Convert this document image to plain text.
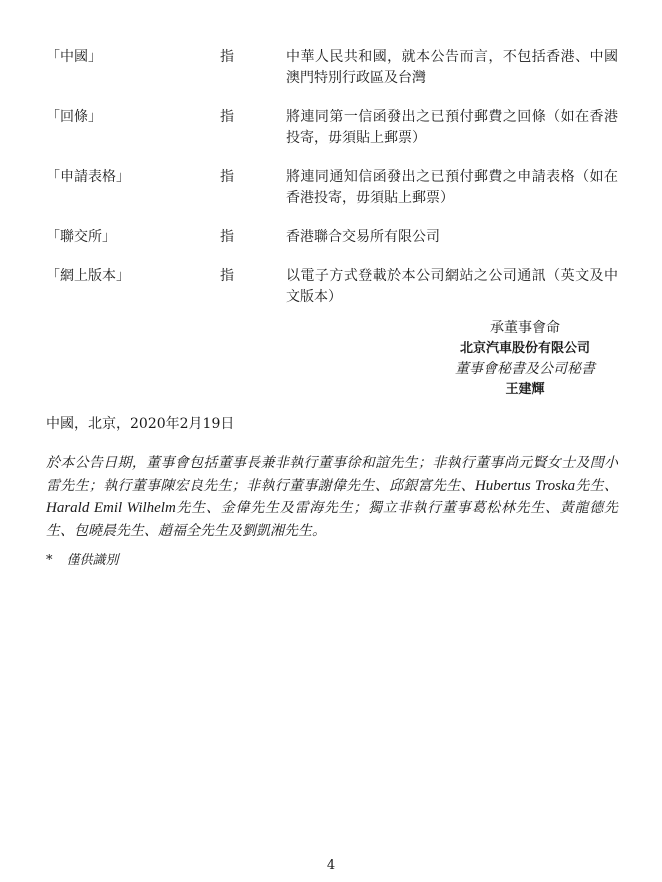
「中國」	指	中華人民共和國，就本公告而言，不包括香港、中國澳門特別行政區及台灣
「回條」	指	將連同第一信函發出之已預付郵費之回條（如在香港投寄，毋須貼上郵票）
「申請表格」	指	將連同通知信函發出之已預付郵費之申請表格（如在香港投寄，毋須貼上郵票）
「聯交所」	指	香港聯合交易所有限公司
「網上版本」	指	以電子方式登載於本公司網站之公司通訊（英文及中文版本）
承董事會命
北京汽車股份有限公司
董事會秘書及公司秘書
王建輝
中國，北京，2020年2月19日
於本公告日期，董事會包括董事長兼非執行董事徐和誼先生；非執行董事尚元賢女士及閆小雷先生；執行董事陳宏良先生；非執行董事謝偉先生、邱銀富先生、Hubertus Troska先生、Harald Emil Wilhelm先生、金偉先生及雷海先生；獨立非執行董事葛松林先生、黃龍德先生、包曉晨先生、趙福全先生及劉凱湘先生。
* 僅供識別
4
